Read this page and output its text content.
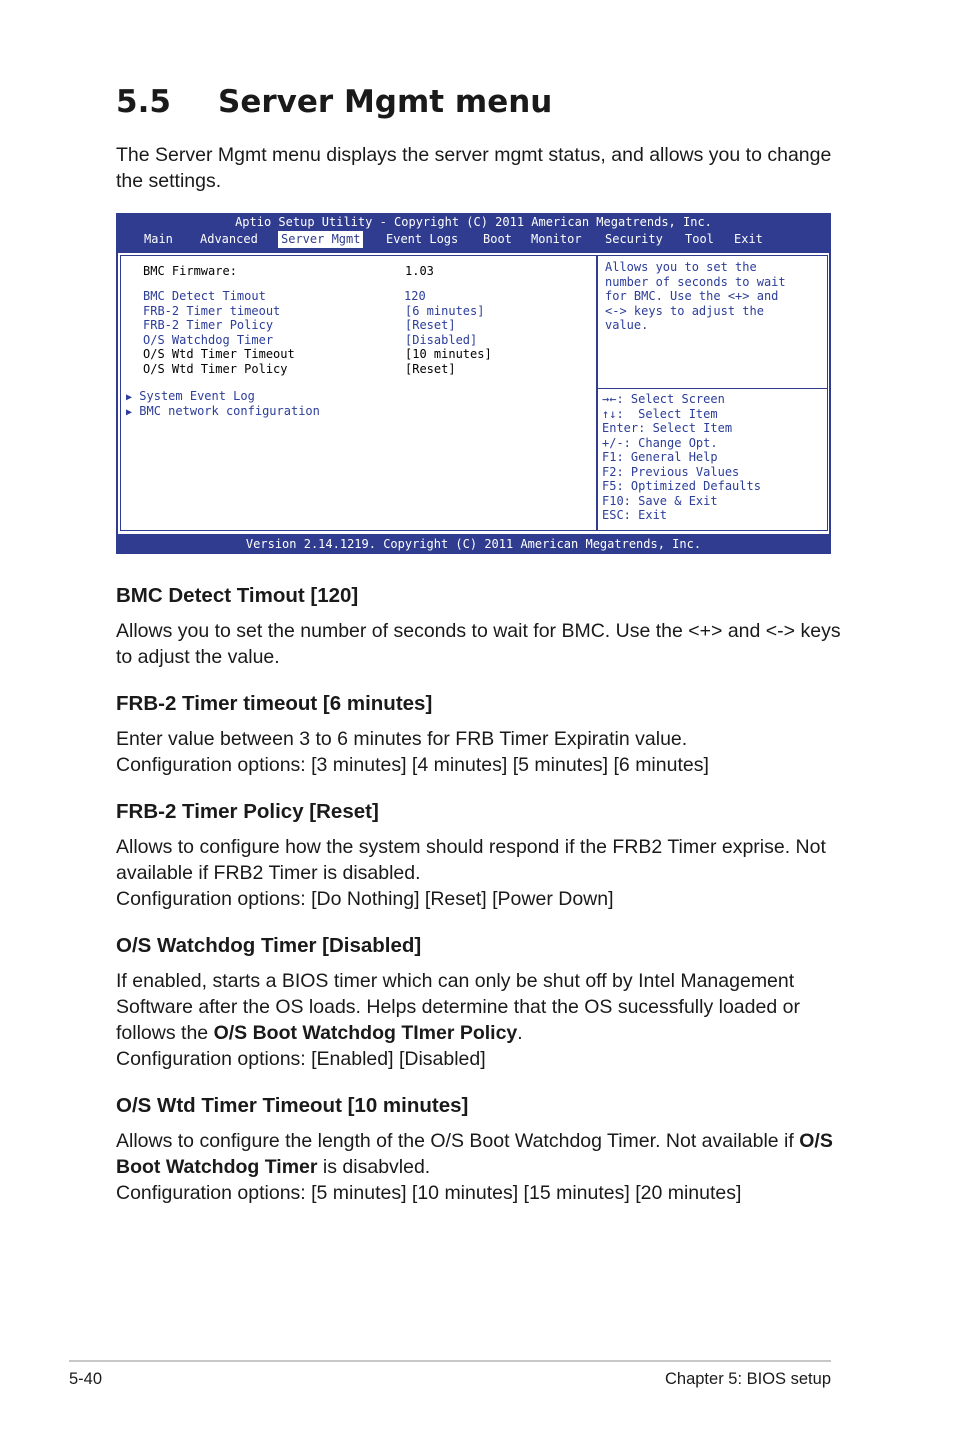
5.5 Server Mgmt menu
The Server Mgmt menu displays the server mgmt status, and allows you to change the settings.
Aptio Setup Utility - Copyright (C) 2011 American Megatrends, Inc.
Main Advanced Server Mgmt Event Logs Boot Monitor Security Tool Exit
BMC Firmware:	1.03
BMC Detect Timout	120
FRB-2 Timer timeout	[6 minutes]
FRB-2 Timer Policy	[Reset]
O/S Watchdog Timer	[Disabled]
O/S Wtd Timer Timeout	[10 minutes]
O/S Wtd Timer Policy	[Reset]
▶ System Event Log
▶ BMC network configuration
Allows you to set the
number of seconds to wait
for BMC. Use the <+> and
<-> keys to adjust the
value.
→←: Select Screen
↑↓:  Select Item
Enter: Select Item
+/-: Change Opt.
F1: General Help
F2: Previous Values
F5: Optimized Defaults
F10: Save & Exit
ESC: Exit
Version 2.14.1219. Copyright (C) 2011 American Megatrends, Inc.
BMC Detect Timout [120]

Allows you to set the number of seconds to wait for BMC. Use the <+> and <-> keys to adjust the value.

FRB-2 Timer timeout [6 minutes]

Enter value between 3 to 6 minutes for FRB Timer Expiratin value.

Configuration options: [3 minutes] [4 minutes] [5 minutes] [6 minutes]

FRB-2 Timer Policy [Reset]

Allows to configure how the system should respond if the FRB2 Timer exprise. Not available if FRB2 Timer is disabled.

Configuration options: [Do Nothing] [Reset] [Power Down]

O/S Watchdog Timer [Disabled]

If enabled, starts a BIOS timer which can only be shut off by Intel Management Software after the OS loads. Helps determine that the OS sucessfully loaded or follows the O/S Boot Watchdog TImer Policy.

Configuration options: [Enabled] [Disabled]

O/S Wtd Timer Timeout [10 minutes]

Allows to configure the length of the O/S Boot Watchdog Timer. Not available if O/S Boot Watchdog Timer is disabvled.

Configuration options: [5 minutes] [10 minutes] [15 minutes] [20 minutes]

5-40	Chapter 5: BIOS setup
